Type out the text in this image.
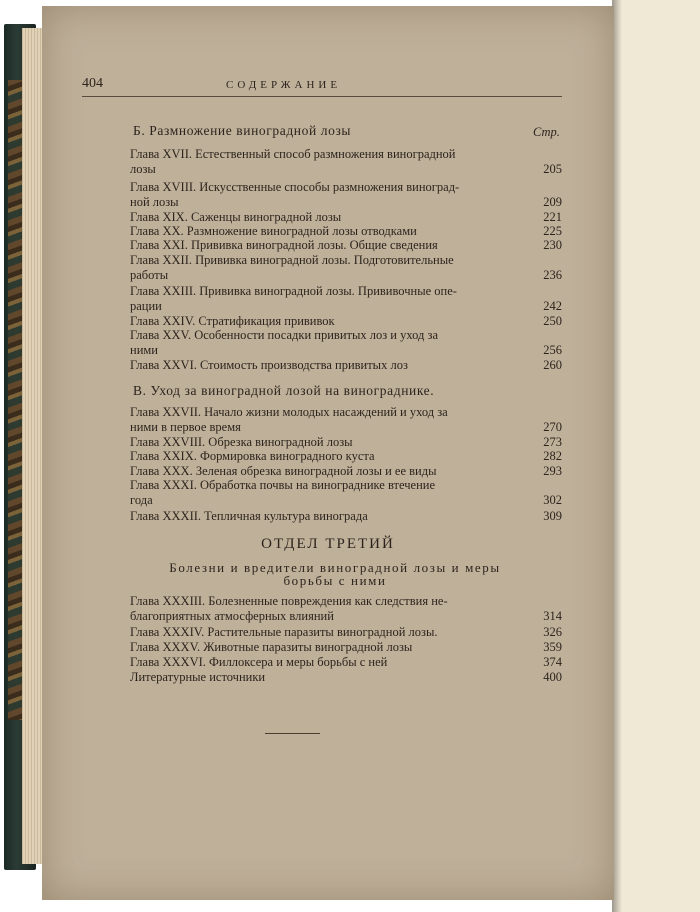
404	СОДЕРЖАНИЕ
Б. Размножение виноградной лозы	Стр.
Глава XVII. Естественный способ размножения виноградной
лозы	205
Глава XVIII. Искусственные способы размножения виноград-
ной лозы	209
Глава XIX. Саженцы виноградной лозы	221
Глава XX. Размножение виноградной лозы отводками	225
Глава XXI. Прививка виноградной лозы. Общие сведения	230
Глава XXII. Прививка виноградной лозы. Подготовительные
работы	236
Глава XXIII. Прививка виноградной лозы. Прививочные опе-
рации	242
Глава XXIV. Стратификация прививок	250
Глава XXV. Особенности посадки привитых лоз и уход за
ними	256
Глава XXVI. Стоимость производства привитых лоз	260
В. Уход за виноградной лозой на винограднике.
Глава XXVII. Начало жизни молодых насаждений и уход за
ними в первое время	270
Глава XXVIII. Обрезка виноградной лозы	273
Глава XXIX. Формировка виноградного куста	282
Глава XXX. Зеленая обрезка виноградной лозы и ее виды	293
Глава XXXI. Обработка почвы на винограднике втечение
года	302
Глава XXXII. Тепличная культура винограда	309
ОТДЕЛ ТРЕТИЙ
Болезни и вредители виноградной лозы и меры
борьбы с ними
Глава XXXIII. Болезненные повреждения как следствия не-
благоприятных атмосферных влияний	314
Глава XXXIV. Растительные паразиты виноградной лозы.	326
Глава XXXV. Животные паразиты виноградной лозы	359
Глава XXXVI. Филлоксера и меры борьбы с ней	374
Литературные источники	400
